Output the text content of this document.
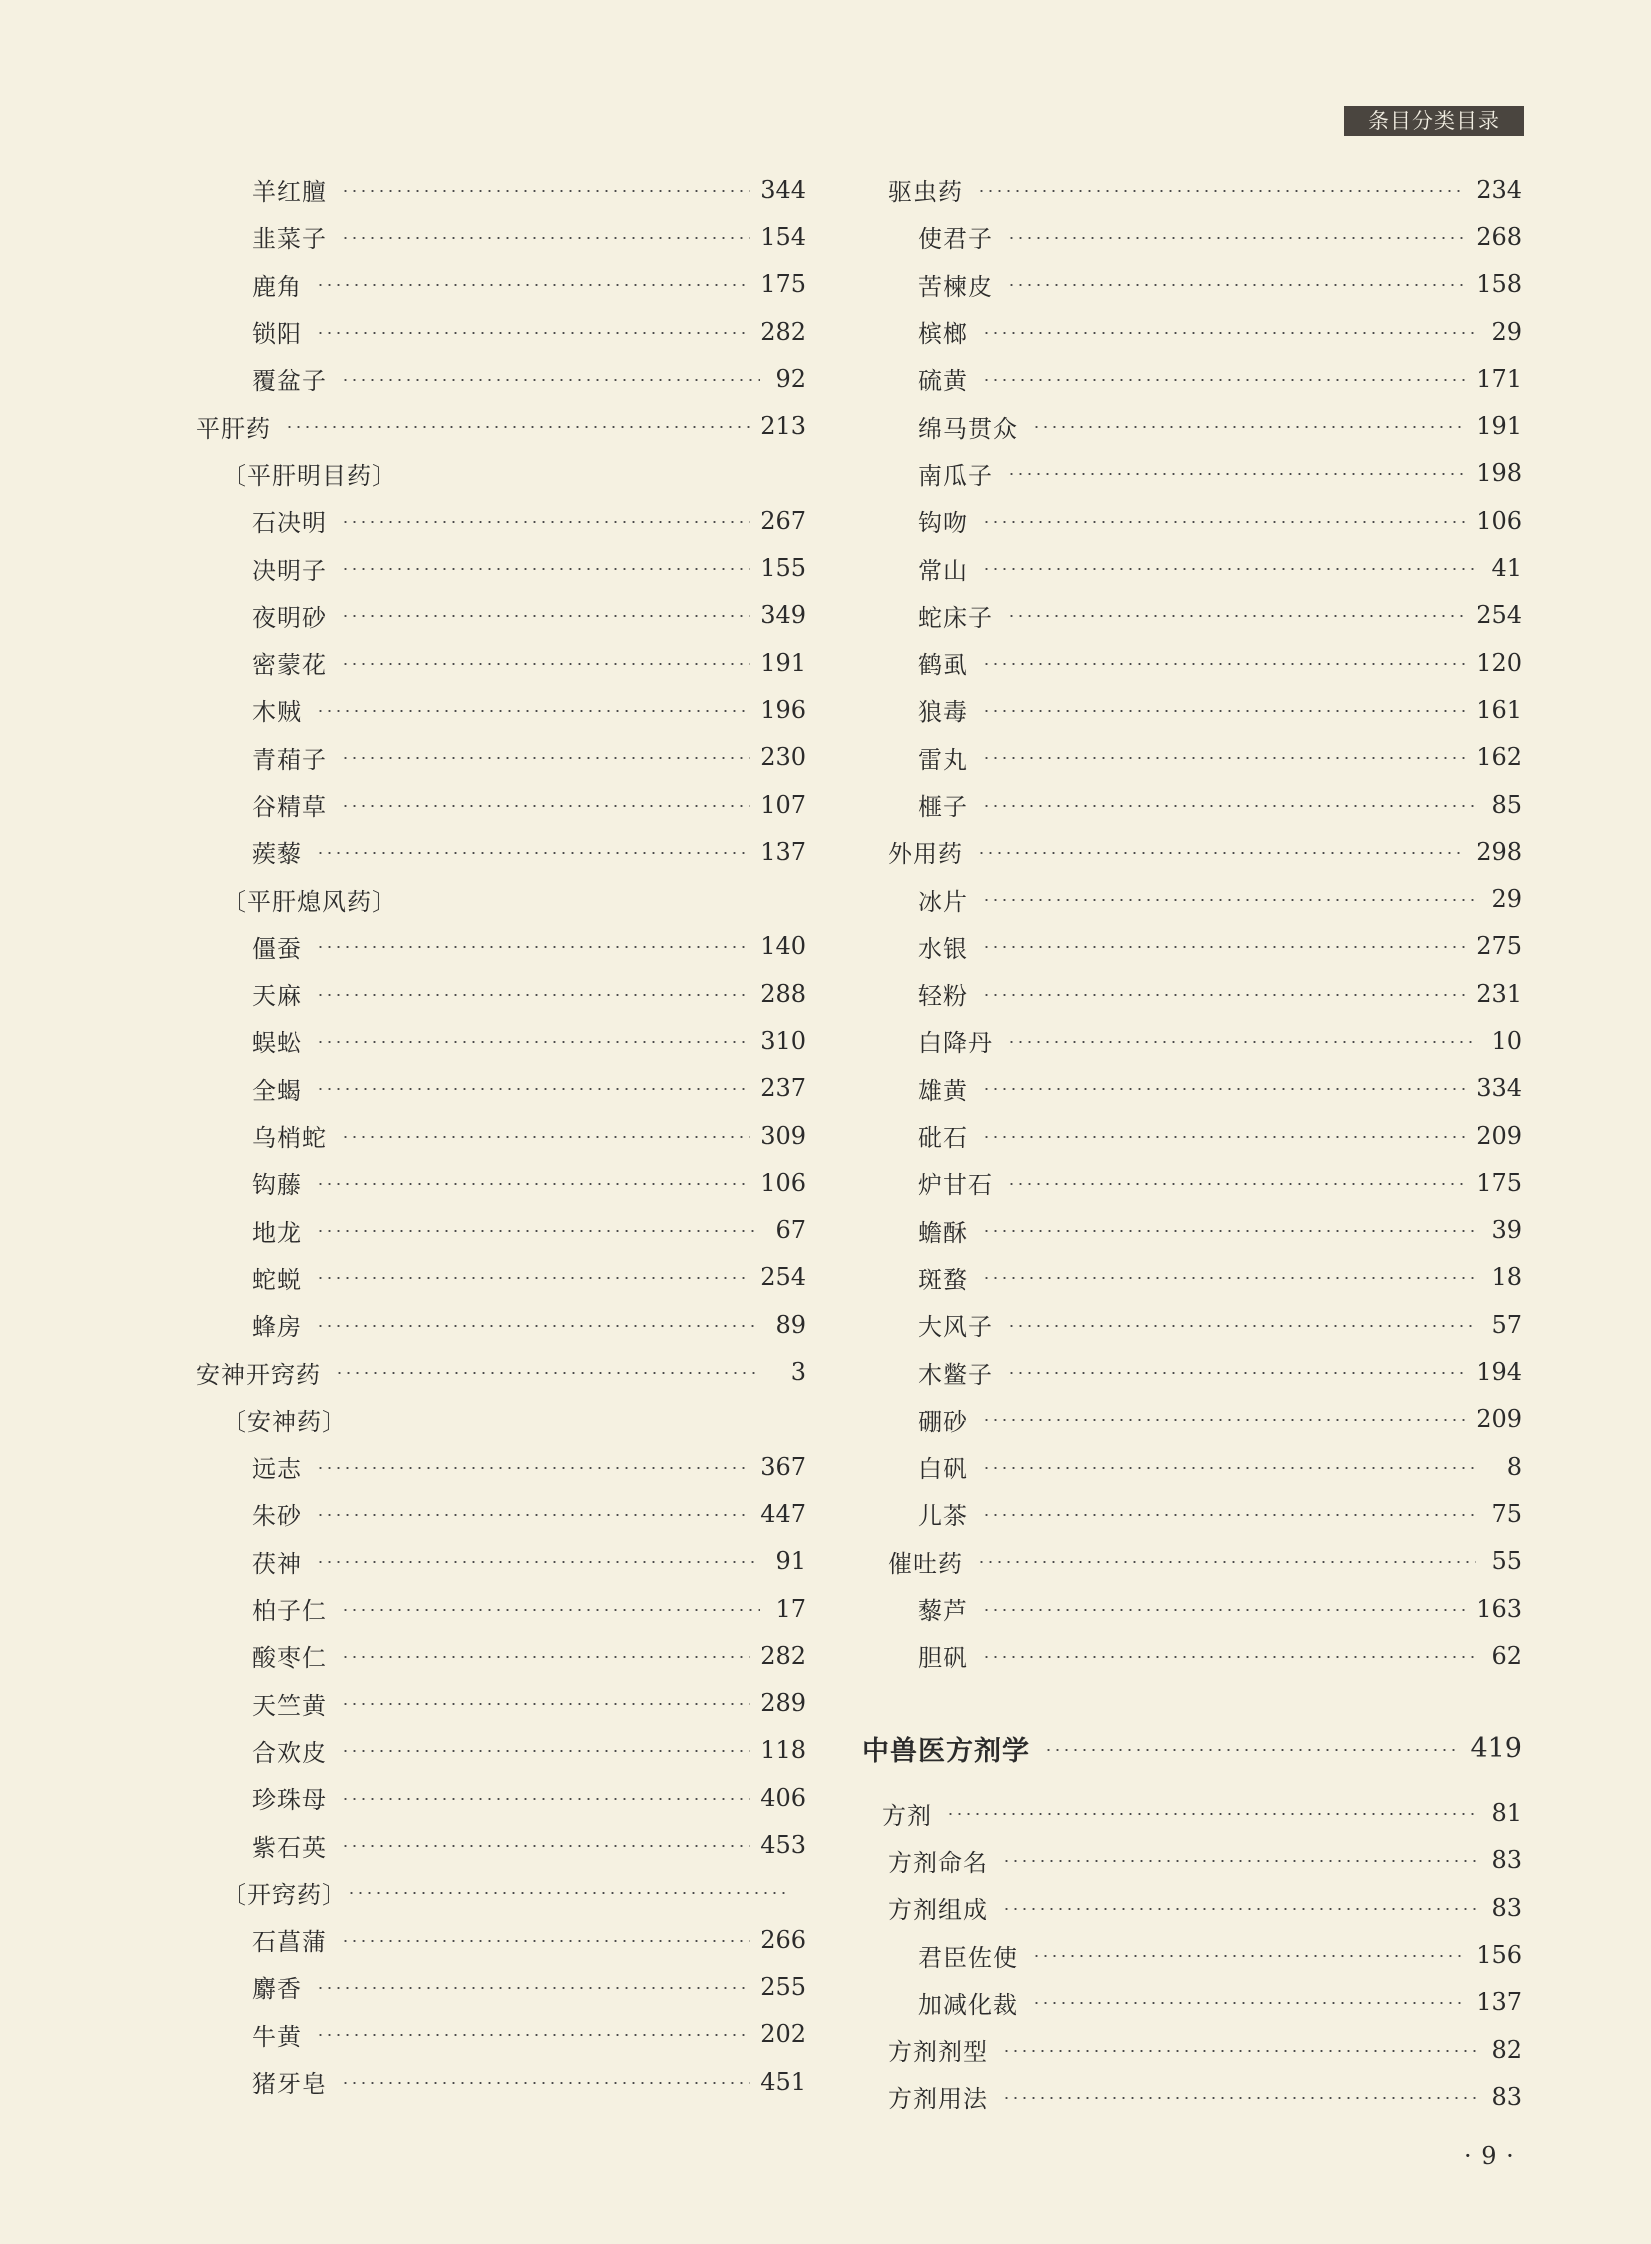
条目分类目录
羊红膻	344
韭菜子	154
鹿角	175
锁阳	282
覆盆子	92
平肝药	213
〔平肝明目药〕
石决明	267
决明子	155
夜明砂	349
密蒙花	191
木贼	196
青葙子	230
谷精草	107
蒺藜	137
〔平肝熄风药〕
僵蚕	140
天麻	288
蜈蚣	310
全蝎	237
乌梢蛇	309
钩藤	106
地龙	67
蛇蜕	254
蜂房	89
安神开窍药	3
〔安神药〕
远志	367
朱砂	447
茯神	91
柏子仁	17
酸枣仁	282
天竺黄	289
合欢皮	118
珍珠母	406
紫石英	453
〔开窍药〕
石菖蒲	266
麝香	255
牛黄	202
猪牙皂	451
驱虫药	234
使君子	268
苦楝皮	158
槟榔	29
硫黄	171
绵马贯众	191
南瓜子	198
钩吻	106
常山	41
蛇床子	254
鹤虱	120
狼毒	161
雷丸	162
榧子	85
外用药	298
冰片	29
水银	275
轻粉	231
白降丹	10
雄黄	334
砒石	209
炉甘石	175
蟾酥	39
斑蝥	18
大风子	57
木鳖子	194
硼砂	209
白矾	8
儿茶	75
催吐药	55
藜芦	163
胆矾	62
中兽医方剂学	419
方剂	81
方剂命名	83
方剂组成	83
君臣佐使	156
加减化裁	137
方剂剂型	82
方剂用法	83
· 9 ·
